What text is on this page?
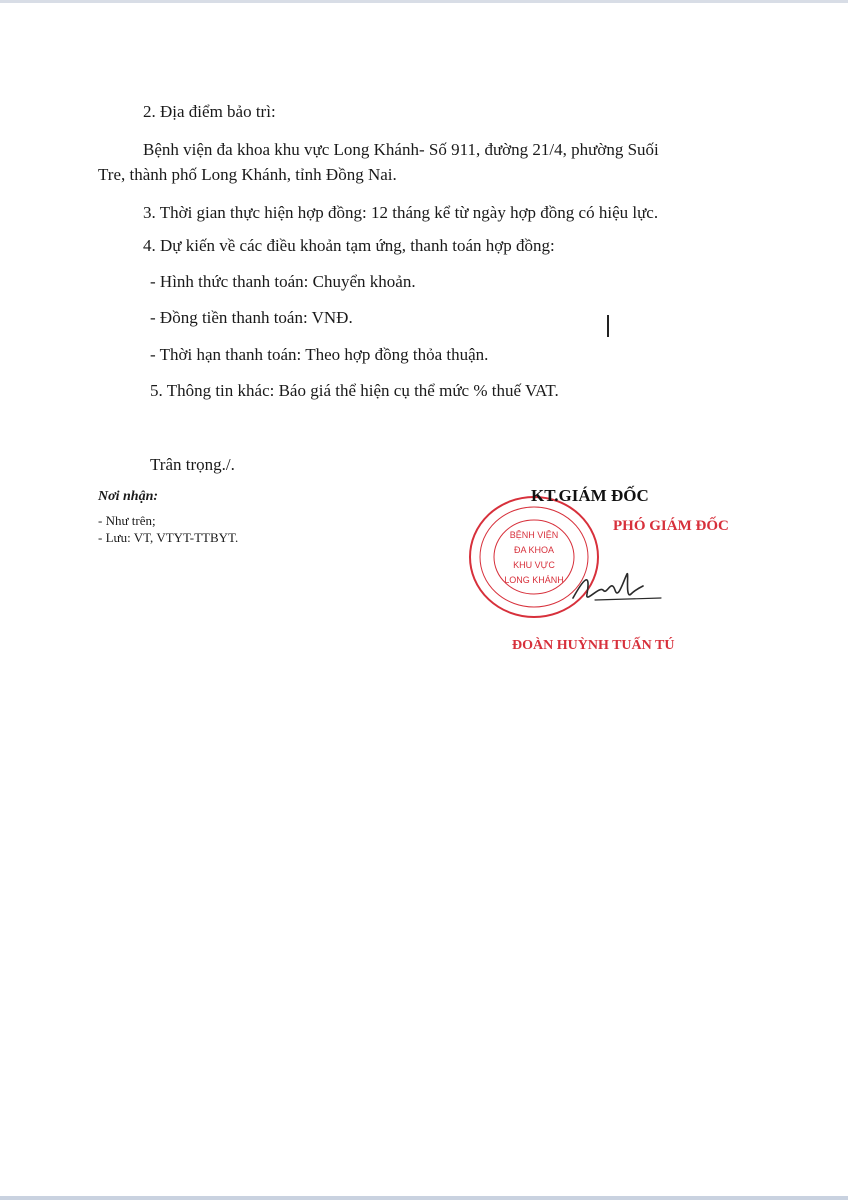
2. Địa điểm bảo trì:
Bệnh viện đa khoa khu vực Long Khánh- Số 911, đường 21/4, phường Suối
Tre, thành phố Long Khánh, tỉnh Đồng Nai.
3. Thời gian thực hiện hợp đồng: 12 tháng kể từ ngày hợp đồng có hiệu lực.
4. Dự kiến về các điều khoản tạm ứng, thanh toán hợp đồng:
- Hình thức thanh toán: Chuyển khoản.
- Đồng tiền thanh toán: VNĐ.
- Thời hạn thanh toán: Theo hợp đồng thỏa thuận.
5. Thông tin khác: Báo giá thể hiện cụ thể mức % thuế VAT.
Trân trọng./.
Nơi nhận:
- Như trên;
- Lưu: VT, VTYT-TTBYT.	BỆNH VIỆN
ĐA KHOA
KHU VỰC
LONG KHÁNH
KT.GIÁM ĐỐC
PHÓ GIÁM ĐỐC
ĐOÀN HUỲNH TUẤN TÚ
